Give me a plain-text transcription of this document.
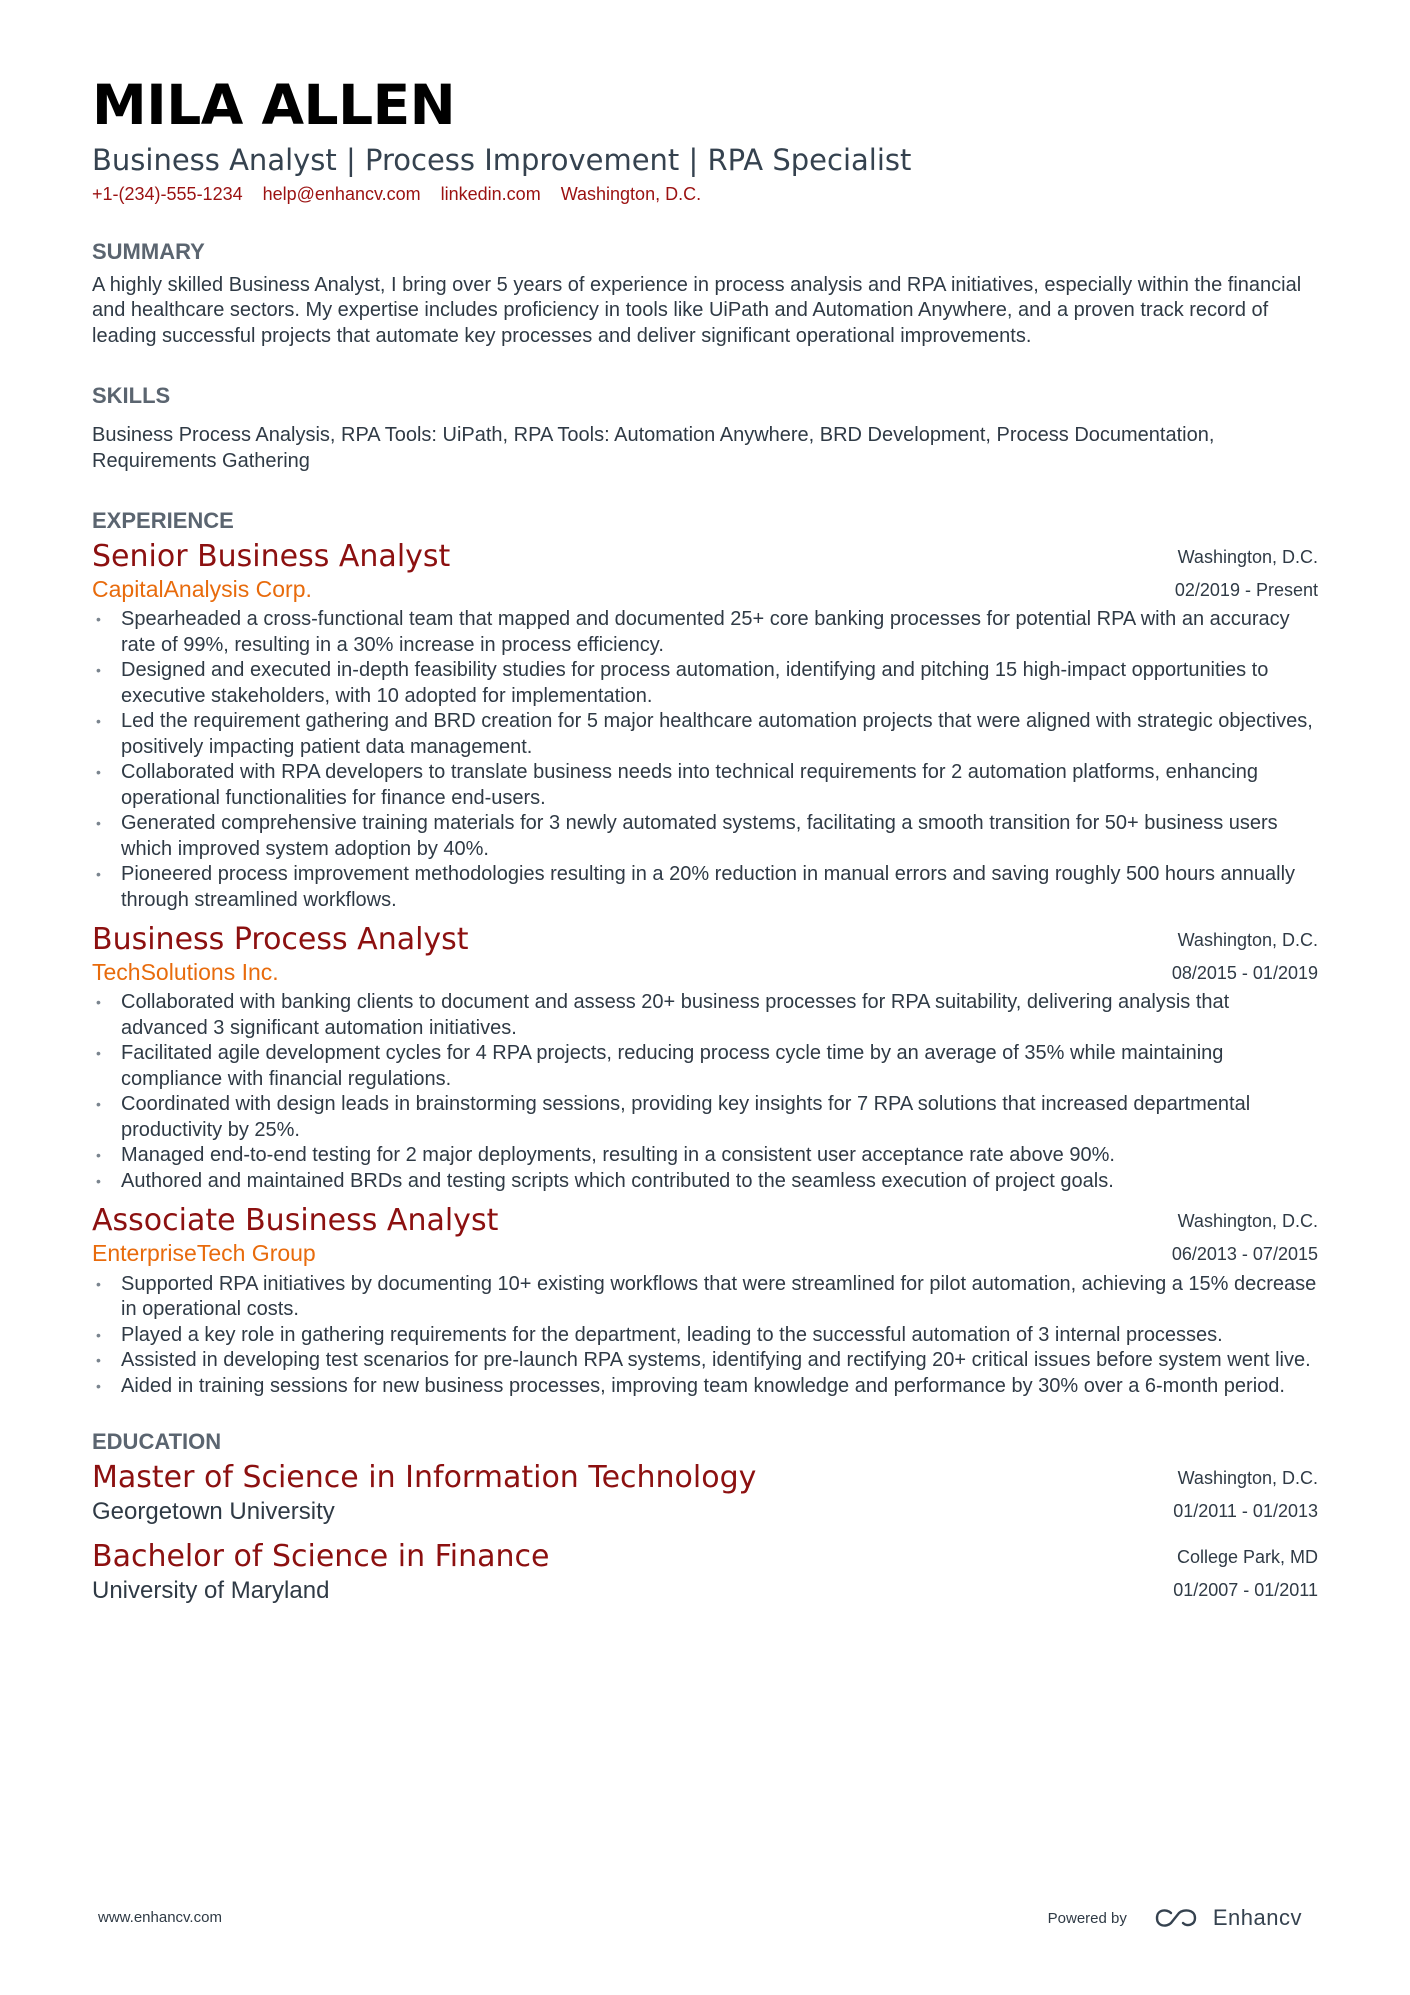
MILA ALLEN
Business Analyst | Process Improvement | RPA Specialist
+1-(234)-555-1234 help@enhancv.com linkedin.com Washington, D.C.
SUMMARY

A highly skilled Business Analyst, I bring over 5 years of experience in process analysis and RPA initiatives, especially within the financial and healthcare sectors. My expertise includes proficiency in tools like UiPath and Automation Anywhere, and a proven track record of leading successful projects that automate key processes and deliver significant operational improvements.

SKILLS

Business Process Analysis, RPA Tools: UiPath, RPA Tools: Automation Anywhere, BRD Development, Process Documentation, Requirements Gathering

EXPERIENCE
Senior Business Analyst
CapitalAnalysis Corp.
Washington, D.C.
02/2019 - Present
• Spearheaded a cross-functional team that mapped and documented 25+ core banking processes for potential RPA with an accuracy rate of 99%, resulting in a 30% increase in process efficiency.
• Designed and executed in-depth feasibility studies for process automation, identifying and pitching 15 high-impact opportunities to executive stakeholders, with 10 adopted for implementation.
• Led the requirement gathering and BRD creation for 5 major healthcare automation projects that were aligned with strategic objectives, positively impacting patient data management.
• Collaborated with RPA developers to translate business needs into technical requirements for 2 automation platforms, enhancing operational functionalities for finance end-users.
• Generated comprehensive training materials for 3 newly automated systems, facilitating a smooth transition for 50+ business users which improved system adoption by 40%.
• Pioneered process improvement methodologies resulting in a 20% reduction in manual errors and saving roughly 500 hours annually through streamlined workflows.
Business Process Analyst
TechSolutions Inc.
Washington, D.C.
08/2015 - 01/2019
• Collaborated with banking clients to document and assess 20+ business processes for RPA suitability, delivering analysis that advanced 3 significant automation initiatives.
• Facilitated agile development cycles for 4 RPA projects, reducing process cycle time by an average of 35% while maintaining compliance with financial regulations.
• Coordinated with design leads in brainstorming sessions, providing key insights for 7 RPA solutions that increased departmental productivity by 25%.
• Managed end-to-end testing for 2 major deployments, resulting in a consistent user acceptance rate above 90%.
• Authored and maintained BRDs and testing scripts which contributed to the seamless execution of project goals.
Associate Business Analyst
EnterpriseTech Group
Washington, D.C.
06/2013 - 07/2015
• Supported RPA initiatives by documenting 10+ existing workflows that were streamlined for pilot automation, achieving a 15% decrease in operational costs.
• Played a key role in gathering requirements for the department, leading to the successful automation of 3 internal processes.
• Assisted in developing test scenarios for pre-launch RPA systems, identifying and rectifying 20+ critical issues before system went live.
• Aided in training sessions for new business processes, improving team knowledge and performance by 30% over a 6-month period.
EDUCATION
Master of Science in Information Technology
Georgetown University
Washington, D.C.
01/2011 - 01/2013
Bachelor of Science in Finance
University of Maryland
College Park, MD
01/2007 - 01/2011
www.enhancv.com	Powered by	Enhancv
